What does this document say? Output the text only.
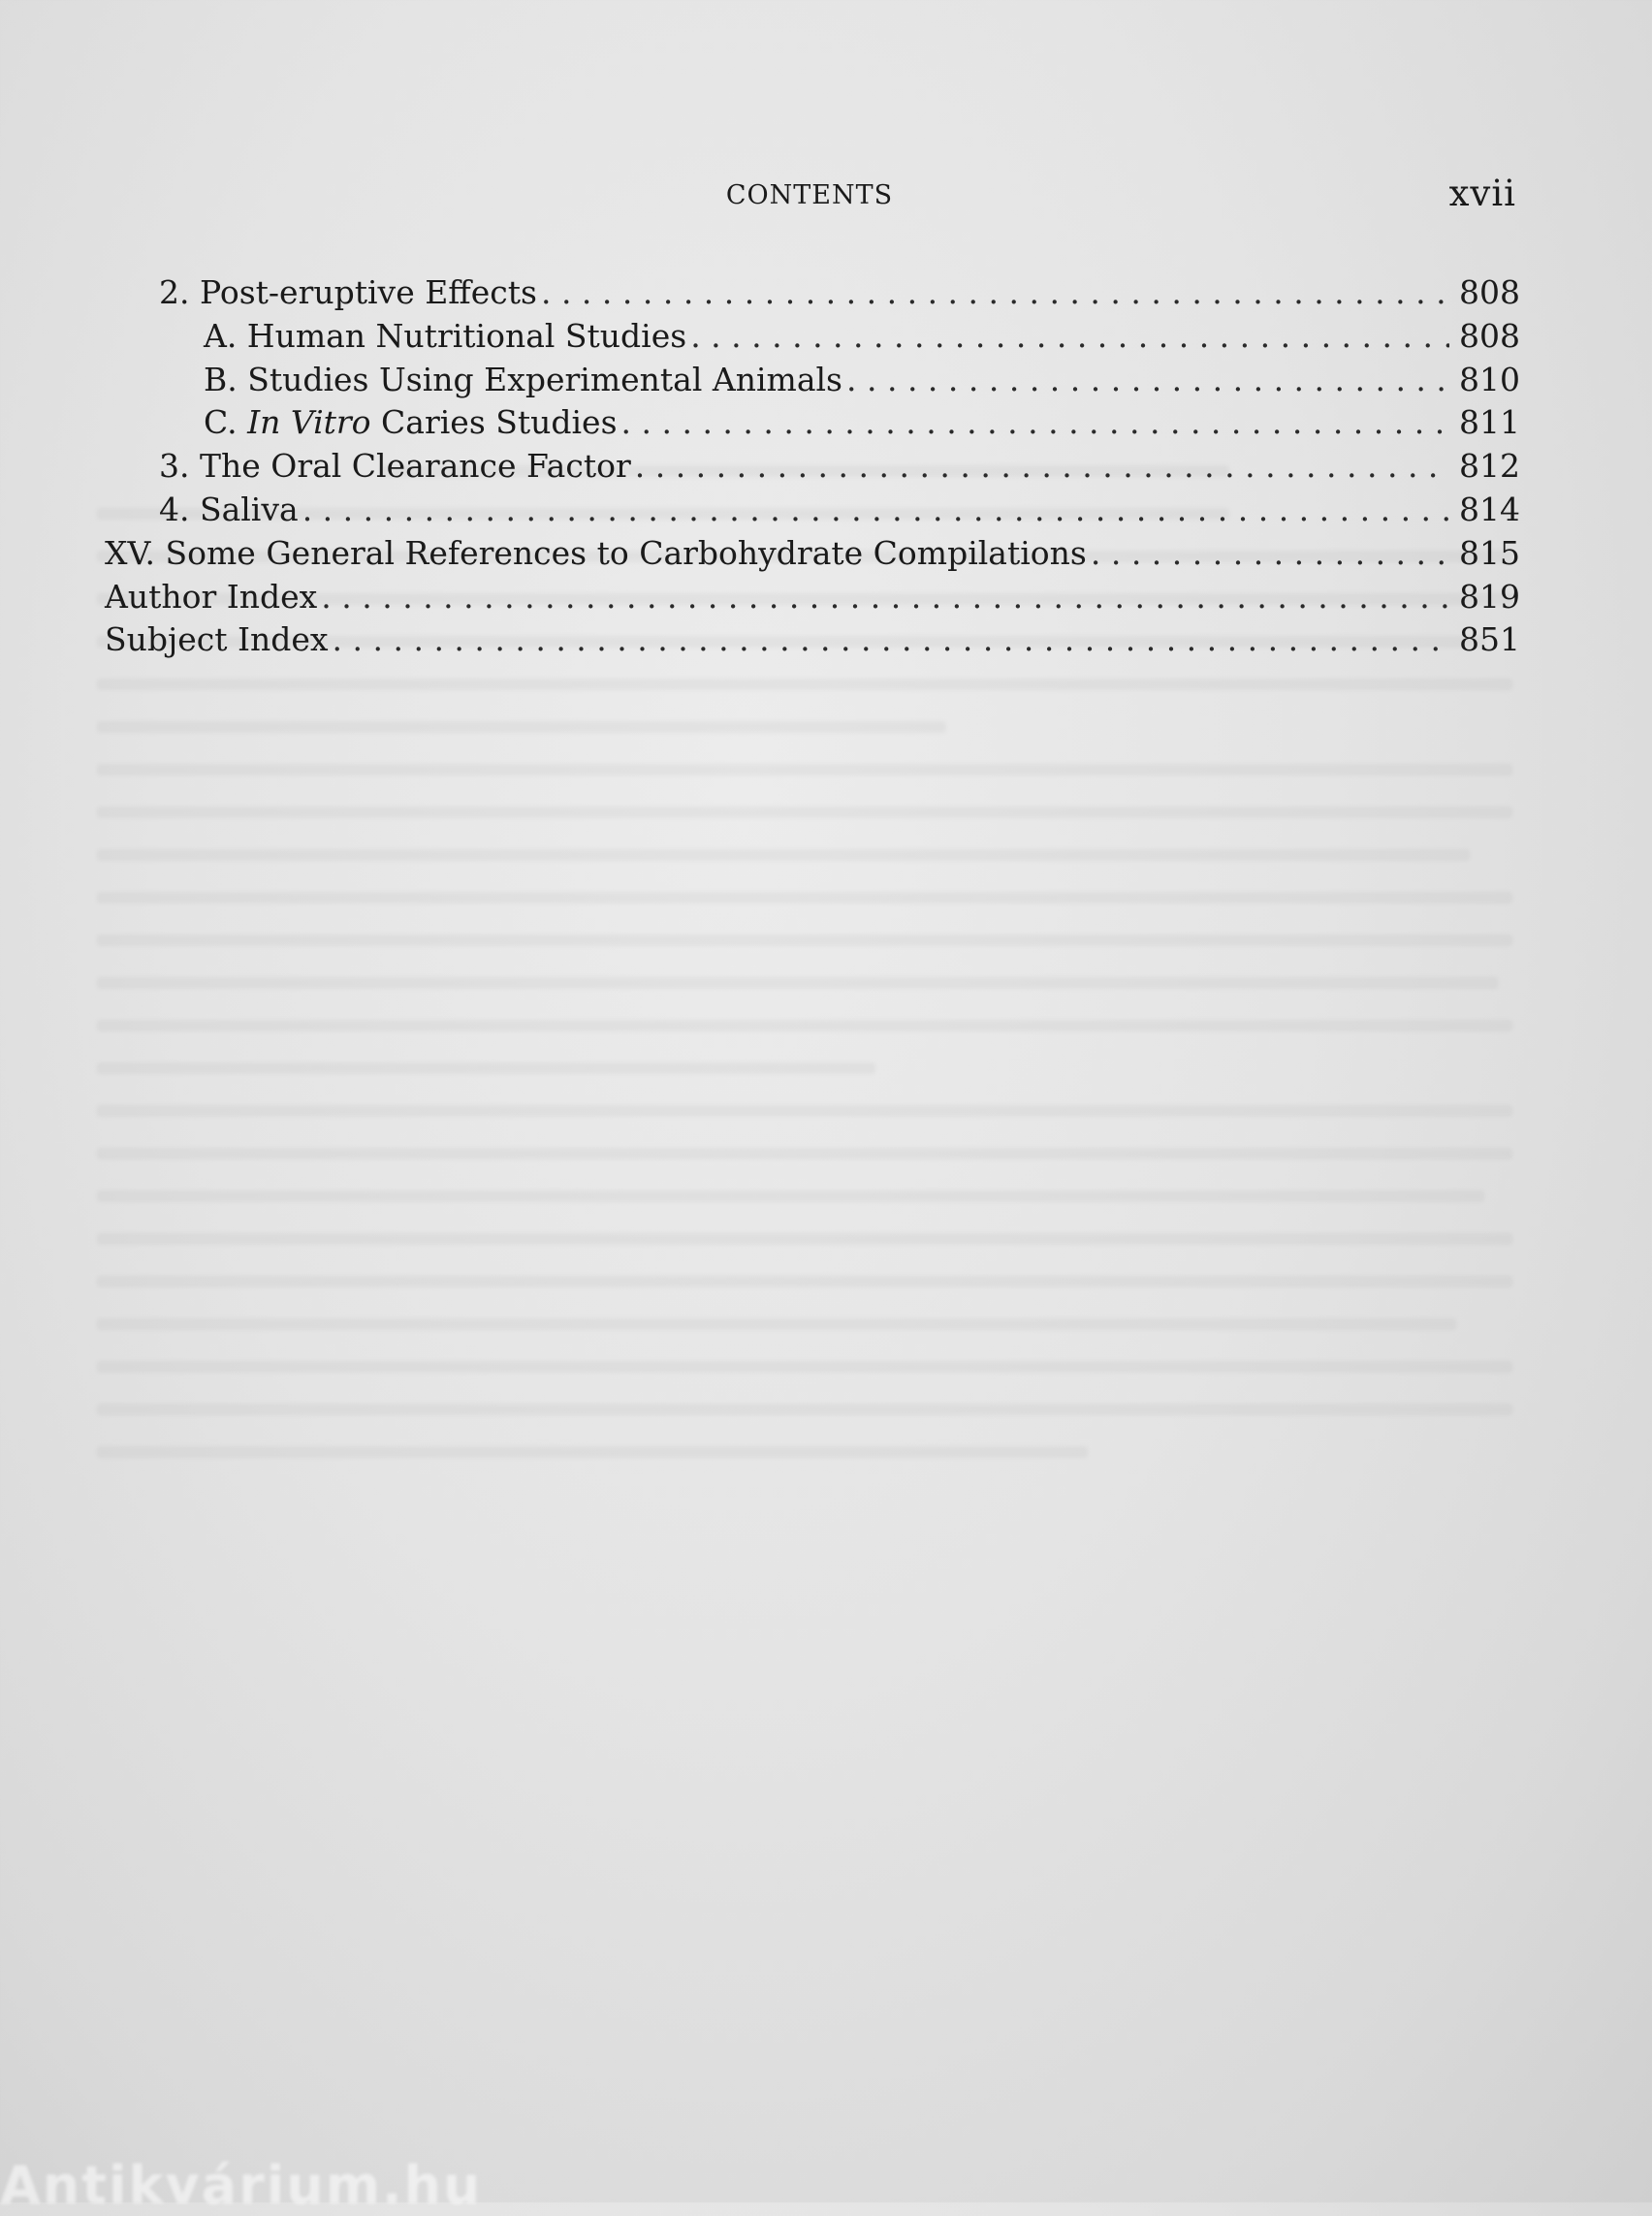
CONTENTS	xvii
2. Post-eruptive Effects . . .	808
A. Human Nutritional Studies . . .	808
B. Studies Using Experimental Animals . . .	810
C. In Vitro Caries Studies . . .	811
3. The Oral Clearance Factor . . .	812
4. Saliva . . .	814
XV. Some General References to Carbohydrate Compilations . . .	815
Author Index . . .	819
Subject Index . . .	851
Antikvárium.hu
